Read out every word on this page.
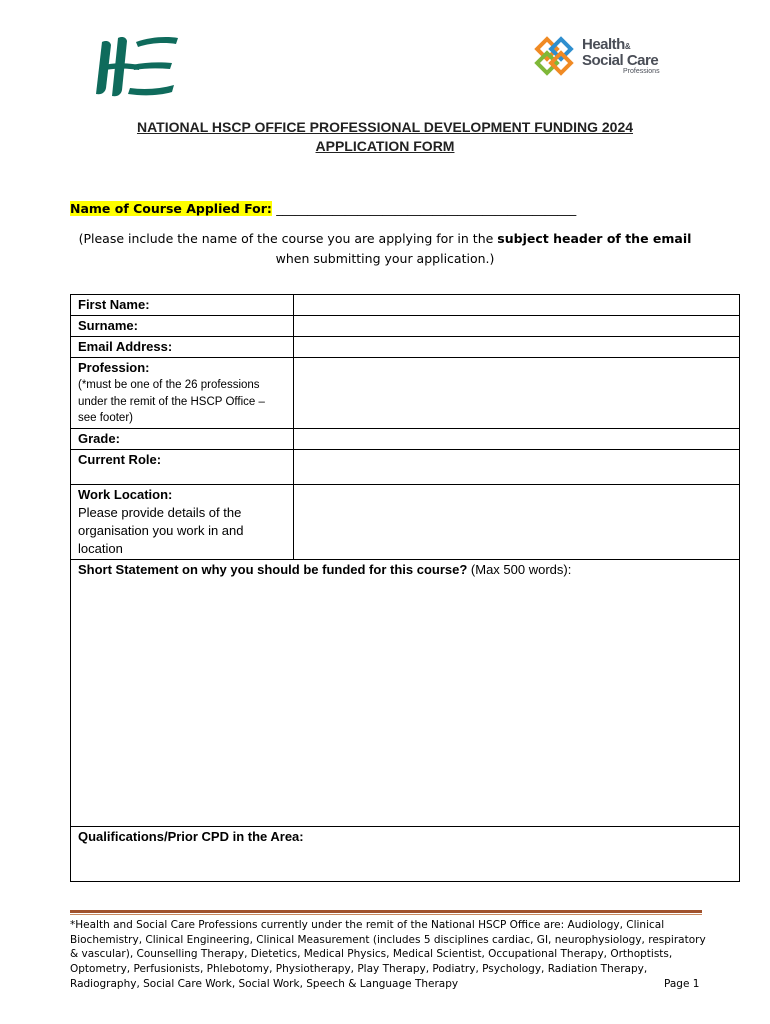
Health&
Social Care
Professions
NATIONAL HSCP OFFICE PROFESSIONAL DEVELOPMENT FUNDING 2024
APPLICATION FORM
Name of Course Applied For: ________________________________________________
(Please include the name of the course you are applying for in the subject header of the email
when submitting your application.)
First Name:	
Surname:	
Email Address:	
Profession:
(*must be one of the 26 professions under the remit of the HSCP Office – see footer)	

Grade:	
Current Role:	
Work Location:
Please provide details of the organisation you work in and location	

Short Statement on why you should be funded for this course? (Max 500 words):	
Qualifications/Prior CPD in the Area:	
*Health and Social Care Professions currently under the remit of the National HSCP Office are: Audiology, Clinical Biochemistry, Clinical Engineering, Clinical Measurement (includes 5 disciplines cardiac, GI, neurophysiology, respiratory & vascular), Counselling Therapy, Dietetics, Medical Physics, Medical Scientist, Occupational Therapy, Orthoptists, Optometry, Perfusionists, Phlebotomy, Physiotherapy, Play Therapy, Podiatry, Psychology, Radiation Therapy, Radiography, Social Care Work, Social Work, Speech & Language Therapy	Page 1
